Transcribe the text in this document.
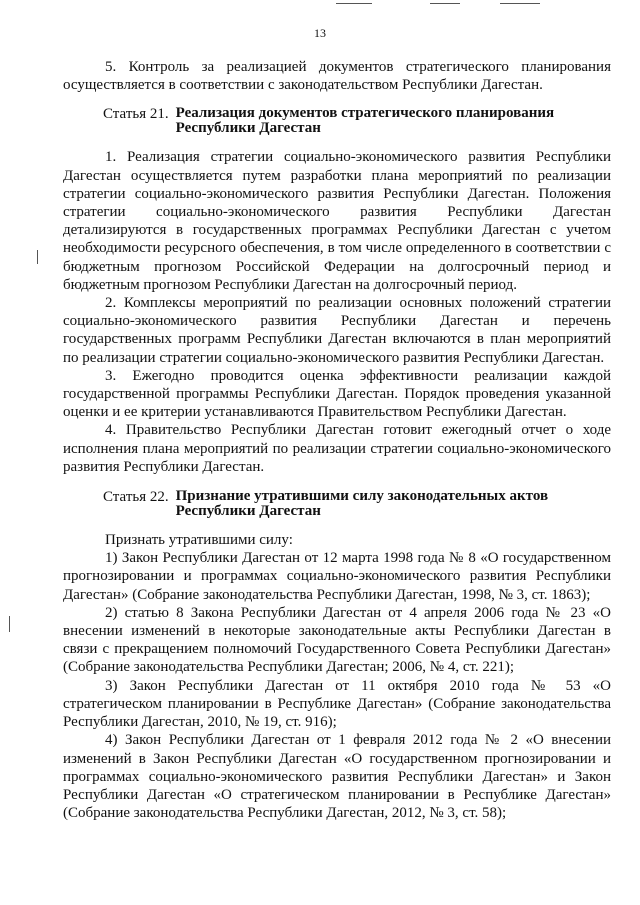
13

5. Контроль за реализацией документов стратегического планирования осуществляется в соответствии с законодательством Республики Дагестан.

Статья 21. Реализация документов стратегического планирования Республики Дагестан

1. Реализация стратегии социально-экономического развития Республики Дагестан осуществляется путем разработки плана мероприятий по реализации стратегии социально-экономического развития Республики Дагестан. Положения стратегии социально-экономического развития Республики Дагестан детализируются в государственных программах Республики Дагестан с учетом необходимости ресурсного обеспечения, в том числе определенного в соответствии с бюджетным прогнозом Российской Федерации на долгосрочный период и бюджетным прогнозом Республики Дагестан на долгосрочный период.

2. Комплексы мероприятий по реализации основных положений стратегии социально-экономического развития Республики Дагестан и перечень государственных программ Республики Дагестан включаются в план мероприятий по реализации стратегии социально-экономического развития Республики Дагестан.

3. Ежегодно проводится оценка эффективности реализации каждой государственной программы Республики Дагестан. Порядок проведения указанной оценки и ее критерии устанавливаются Правительством Республики Дагестан.

4. Правительство Республики Дагестан готовит ежегодный отчет о ходе исполнения плана мероприятий по реализации стратегии социально-экономического развития Республики Дагестан.

Статья 22. Признание утратившими силу законодательных актов Республики Дагестан

Признать утратившими силу:

1) Закон Республики Дагестан от 12 марта 1998 года № 8 «О государственном прогнозировании и программах социально-экономического развития Республики Дагестан» (Собрание законодательства Республики Дагестан, 1998, № 3, ст. 1863);

2) статью 8 Закона Республики Дагестан от 4 апреля 2006 года № 23 «О внесении изменений в некоторые законодательные акты Республики Дагестан в связи с прекращением полномочий Государственного Совета Республики Дагестан» (Собрание законодательства Республики Дагестан; 2006, № 4, ст. 221);

3) Закон Республики Дагестан от 11 октября 2010 года № 53 «О стратегическом планировании в Республике Дагестан» (Собрание законодательства Республики Дагестан, 2010, № 19, ст. 916);

4) Закон Республики Дагестан от 1 февраля 2012 года № 2 «О внесении изменений в Закон Республики Дагестан «О государственном прогнозировании и программах социально-экономического развития Республики Дагестан» и Закон Республики Дагестан «О стратегическом планировании в Республике Дагестан» (Собрание законодательства Республики Дагестан, 2012, № 3, ст. 58);
